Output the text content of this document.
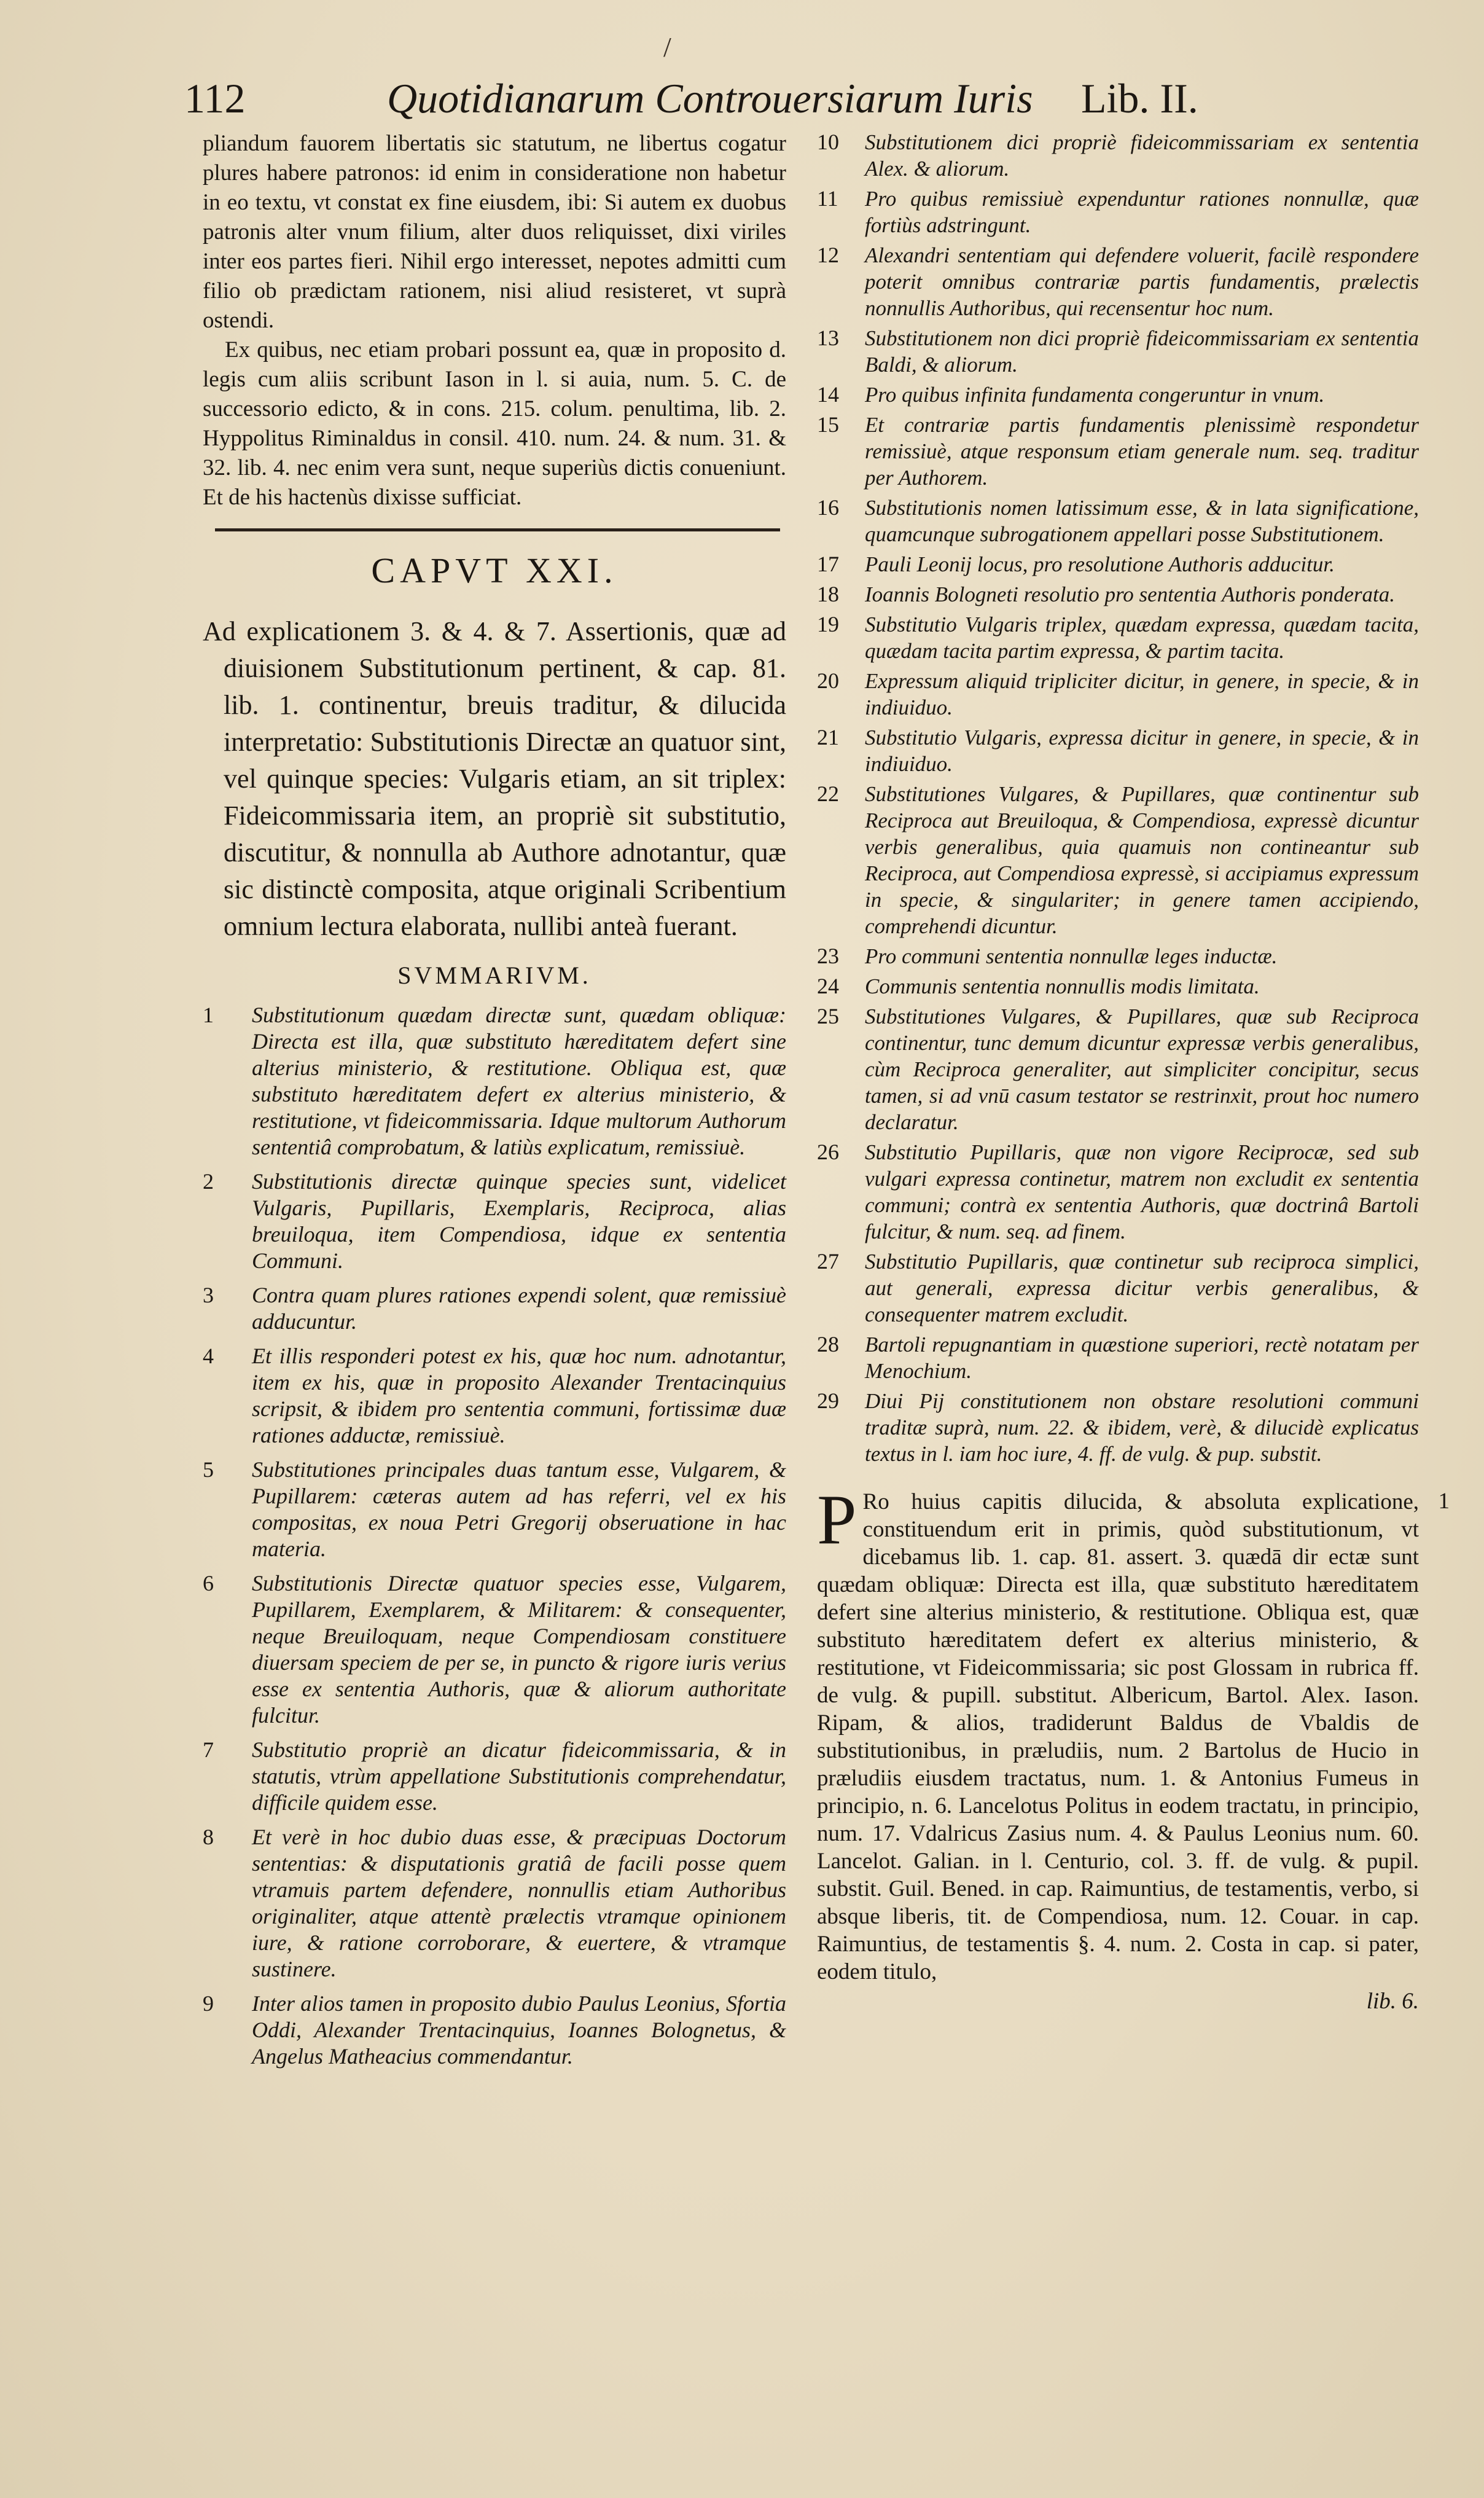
/
112	Quotidianarum Controuersiarum Iuris Lib. II.

pliandum fauorem libertatis sic statutum, ne libertus cogatur plures habere patronos: id enim in consideratione non habetur in eo textu, vt constat ex fine eiusdem, ibi: Si autem ex duobus patronis alter vnum filium, alter duos reliquisset, dixi viriles inter eos partes fieri. Nihil ergo interesset, nepotes admitti cum filio ob prædictam rationem, nisi aliud resisteret, vt suprà ostendi.

Ex quibus, nec etiam probari possunt ea, quæ in proposito d. legis cum aliis scribunt Iason in l. si auia, num. 5. C. de successorio edicto, & in cons. 215. colum. penultima, lib. 2. Hyppolitus Riminaldus in consil. 410. num. 24. & num. 31. & 32. lib. 4. nec enim vera sunt, neque superiùs dictis conueniunt. Et de his hactenùs dixisse sufficiat.

CAPVT XXI.

Ad explicationem 3. & 4. & 7. Assertionis, quæ ad diuisionem Substitutionum pertinent, & cap. 81. lib. 1. continentur, breuis traditur, & dilucida interpretatio: Substitutionis Directæ an quatuor sint, vel quinque species: Vulgaris etiam, an sit triplex: Fideicommissaria item, an propriè sit substitutio, discutitur, & nonnulla ab Authore adnotantur, quæ sic distinctè composita, atque originali Scribentium omnium lectura elaborata, nullibi anteà fuerant.

SVMMARIVM.
1	Substitutionum quædam directæ sunt, quædam obliquæ: Directa est illa, quæ substituto hæreditatem defert sine alterius ministerio, & restitutione. Obliqua est, quæ substituto hæreditatem defert ex alterius ministerio, & restitutione, vt fideicommissaria. Idque multorum Authorum sententiâ comprobatum, & latiùs explicatum, remissiuè.
2	Substitutionis directæ quinque species sunt, videlicet Vulgaris, Pupillaris, Exemplaris, Reciproca, alias breuiloqua, item Compendiosa, idque ex sententia Communi.
3	Contra quam plures rationes expendi solent, quæ remissiuè adducuntur.
4	Et illis responderi potest ex his, quæ hoc num. adnotantur, item ex his, quæ in proposito Alexander Trentacinquius scripsit, & ibidem pro sententia communi, fortissimæ duæ rationes adductæ, remissiuè.
5	Substitutiones principales duas tantum esse, Vulgarem, & Pupillarem: cæteras autem ad has referri, vel ex his compositas, ex noua Petri Gregorij obseruatione in hac materia.
6	Substitutionis Directæ quatuor species esse, Vulgarem, Pupillarem, Exemplarem, & Militarem: & consequenter, neque Breuiloquam, neque Compendiosam constituere diuersam speciem de per se, in puncto & rigore iuris verius esse ex sententia Authoris, quæ & aliorum authoritate fulcitur.
7	Substitutio propriè an dicatur fideicommissaria, & in statutis, vtrùm appellatione Substitutionis comprehendatur, difficile quidem esse.
8	Et verè in hoc dubio duas esse, & præcipuas Doctorum sententias: & disputationis gratiâ de facili posse quem vtramuis partem defendere, nonnullis etiam Authoribus originaliter, atque attentè prælectis vtramque opinionem iure, & ratione corroborare, & euertere, & vtramque sustinere.
9	Inter alios tamen in proposito dubio Paulus Leonius, Sfortia Oddi, Alexander Trentacinquius, Ioannes Bolognetus, & Angelus Matheacius commendantur.
10	Substitutionem dici propriè fideicommissariam ex sententia Alex. & aliorum.
11	Pro quibus remissiuè expenduntur rationes nonnullæ, quæ fortiùs adstringunt.
12	Alexandri sententiam qui defendere voluerit, facilè respondere poterit omnibus contrariæ partis fundamentis, prælectis nonnullis Authoribus, qui recensentur hoc num.
13	Substitutionem non dici propriè fideicommissariam ex sententia Baldi, & aliorum.
14	Pro quibus infinita fundamenta congeruntur in vnum.
15	Et contrariæ partis fundamentis plenissimè respondetur remissiuè, atque responsum etiam generale num. seq. traditur per Authorem.
16	Substitutionis nomen latissimum esse, & in lata significatione, quamcunque subrogationem appellari posse Substitutionem.
17	Pauli Leonij locus, pro resolutione Authoris adducitur.
18	Ioannis Bologneti resolutio pro sententia Authoris ponderata.
19	Substitutio Vulgaris triplex, quædam expressa, quædam tacita, quædam tacita partim expressa, & partim tacita.
20	Expressum aliquid tripliciter dicitur, in genere, in specie, & in indiuiduo.
21	Substitutio Vulgaris, expressa dicitur in genere, in specie, & in indiuiduo.
22	Substitutiones Vulgares, & Pupillares, quæ continentur sub Reciproca aut Breuiloqua, & Compendiosa, expressè dicuntur verbis generalibus, quia quamuis non contineantur sub Reciproca, aut Compendiosa expressè, si accipiamus expressum in specie, & singulariter; in genere tamen accipiendo, comprehendi dicuntur.
23	Pro communi sententia nonnullæ leges inductæ.
24	Communis sententia nonnullis modis limitata.
25	Substitutiones Vulgares, & Pupillares, quæ sub Reciproca continentur, tunc demum dicuntur expressæ verbis generalibus, cùm Reciproca generaliter, aut simpliciter concipitur, secus tamen, si ad vnū casum testator se restrinxit, prout hoc numero declaratur.
26	Substitutio Pupillaris, quæ non vigore Reciprocæ, sed sub vulgari expressa continetur, matrem non excludit ex sententia communi; contrà ex sententia Authoris, quæ doctrinâ Bartoli fulcitur, & num. seq. ad finem.
27	Substitutio Pupillaris, quæ continetur sub reciproca simplici, aut generali, expressa dicitur verbis generalibus, & consequenter matrem excludit.
28	Bartoli repugnantiam in quæstione superiori, rectè notatam per Menochium.
29	Diui Pij constitutionem non obstare resolutioni communi traditæ suprà, num. 22. & ibidem, verè, & dilucidè explicatus textus in l. iam hoc iure, 4. ff. de vulg. & pup. substit.
1
P Ro huius capitis dilucida, & absoluta explicatione, constituendum erit in primis, quòd substitutionum, vt dicebamus lib. 1. cap. 81. assert. 3. quædā dir ectæ sunt quædam obliquæ: Directa est illa, quæ substituto hæreditatem defert sine alterius ministerio, & restitutione. Obliqua est, quæ substituto hæreditatem defert ex alterius ministerio, & restitutione, vt Fideicommissaria; sic post Glossam in rubrica ff. de vulg. & pupill. substitut. Albericum, Bartol. Alex. Iason. Ripam, & alios, tradiderunt Baldus de Vbaldis de substitutionibus, in præludiis, num. 2 Bartolus de Hucio in præludiis eiusdem tractatus, num. 1. & Antonius Fumeus in principio, n. 6. Lancelotus Politus in eodem tractatu, in principio, num. 17. Vdalricus Zasius num. 4. & Paulus Leonius num. 60. Lancelot. Galian. in l. Centurio, col. 3. ff. de vulg. & pupil. substit. Guil. Bened. in cap. Raimuntius, de testamentis, verbo, si absque liberis, tit. de Compendiosa, num. 12. Couar. in cap. Raimuntius, de testamentis §. 4. num. 2. Costa in cap. si pater, eodem titulo,

lib. 6.
